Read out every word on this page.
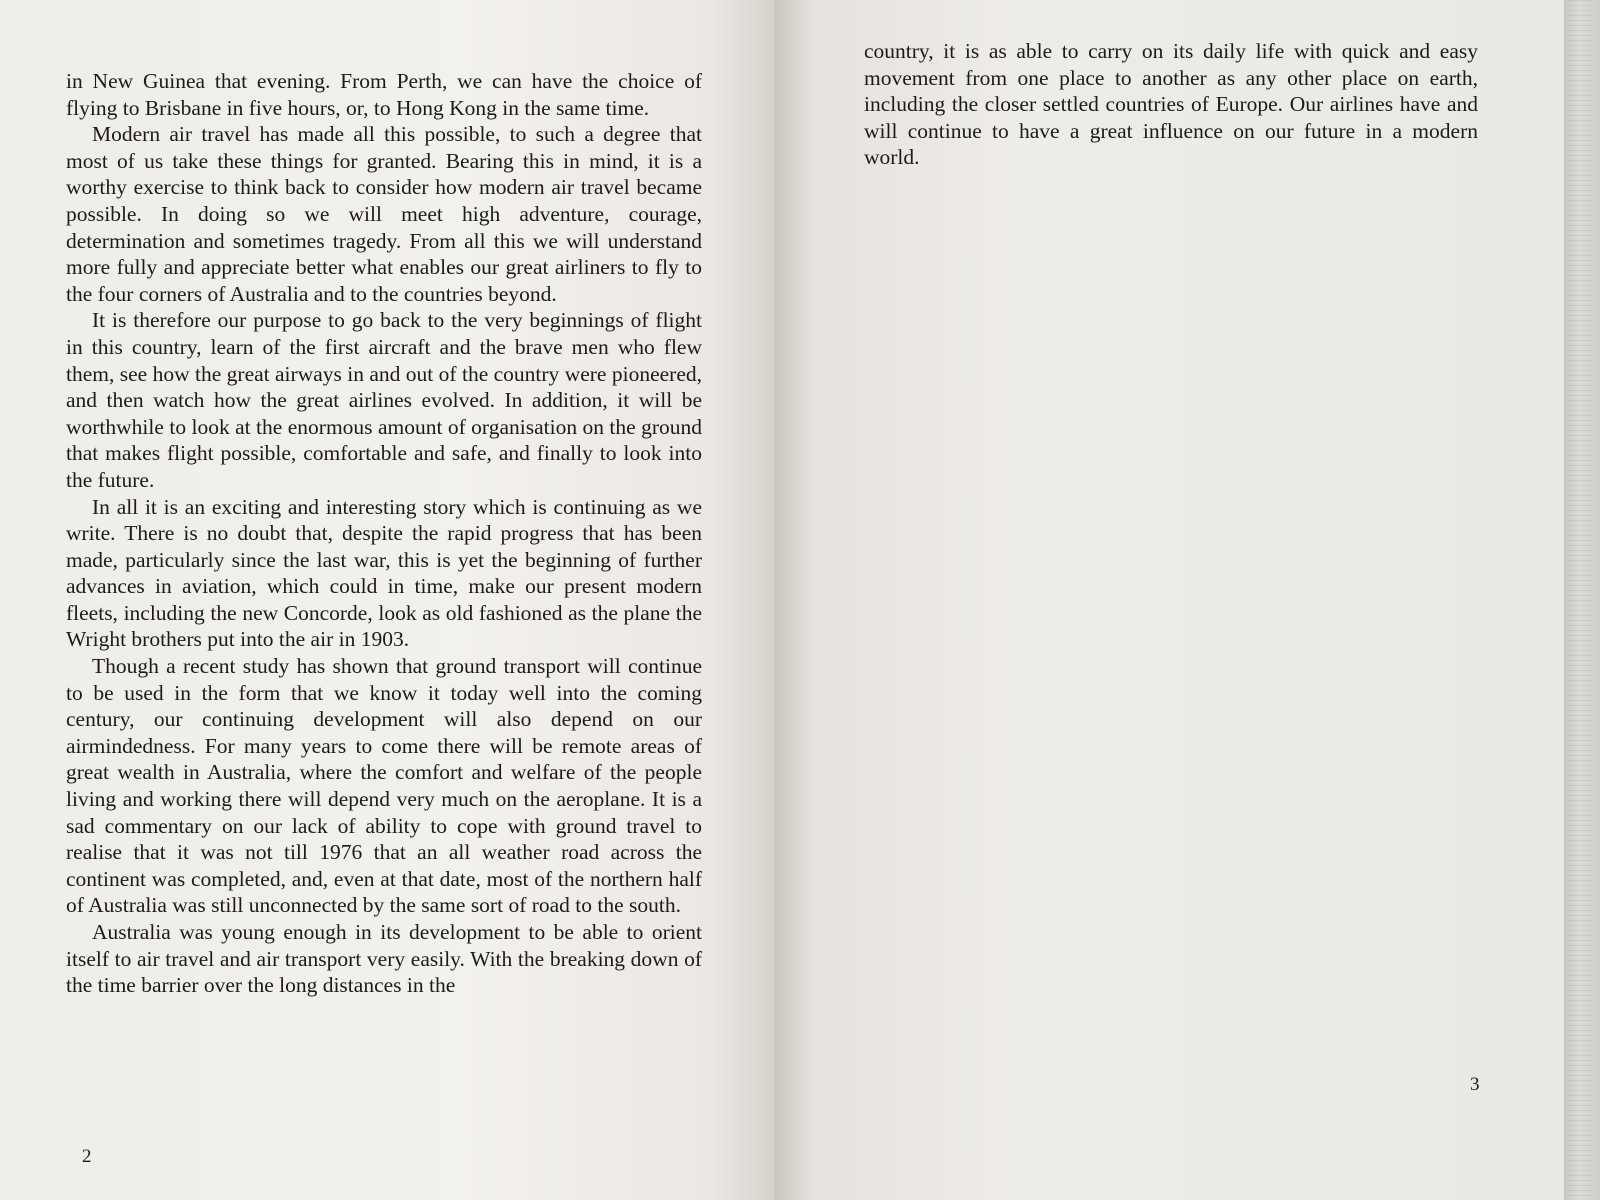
in New Guinea that evening. From Perth, we can have the choice of flying to Brisbane in five hours, or, to Hong Kong in the same time.

Modern air travel has made all this possible, to such a degree that most of us take these things for granted. Bearing this in mind, it is a worthy exercise to think back to consider how modern air travel became possible. In doing so we will meet high adventure, courage, determination and sometimes tragedy. From all this we will understand more fully and appreciate better what enables our great airliners to fly to the four corners of Australia and to the countries beyond.

It is therefore our purpose to go back to the very beginnings of flight in this country, learn of the first aircraft and the brave men who flew them, see how the great airways in and out of the country were pioneered, and then watch how the great airlines evolved. In addition, it will be worthwhile to look at the enormous amount of organisation on the ground that makes flight possible, comfortable and safe, and finally to look into the future.

In all it is an exciting and interesting story which is continuing as we write. There is no doubt that, despite the rapid progress that has been made, particularly since the last war, this is yet the beginning of further advances in aviation, which could in time, make our present modern fleets, including the new Concorde, look as old fashioned as the plane the Wright brothers put into the air in 1903.

Though a recent study has shown that ground transport will continue to be used in the form that we know it today well into the coming century, our continuing development will also depend on our airmindedness. For many years to come there will be remote areas of great wealth in Australia, where the comfort and welfare of the people living and working there will depend very much on the aeroplane. It is a sad commentary on our lack of ability to cope with ground travel to realise that it was not till 1976 that an all weather road across the continent was completed, and, even at that date, most of the northern half of Australia was still unconnected by the same sort of road to the south.

Australia was young enough in its development to be able to orient itself to air travel and air transport very easily. With the breaking down of the time barrier over the long distances in the

2

country, it is as able to carry on its daily life with quick and easy movement from one place to another as any other place on earth, including the closer settled countries of Europe. Our airlines have and will continue to have a great influence on our future in a modern world.

3
